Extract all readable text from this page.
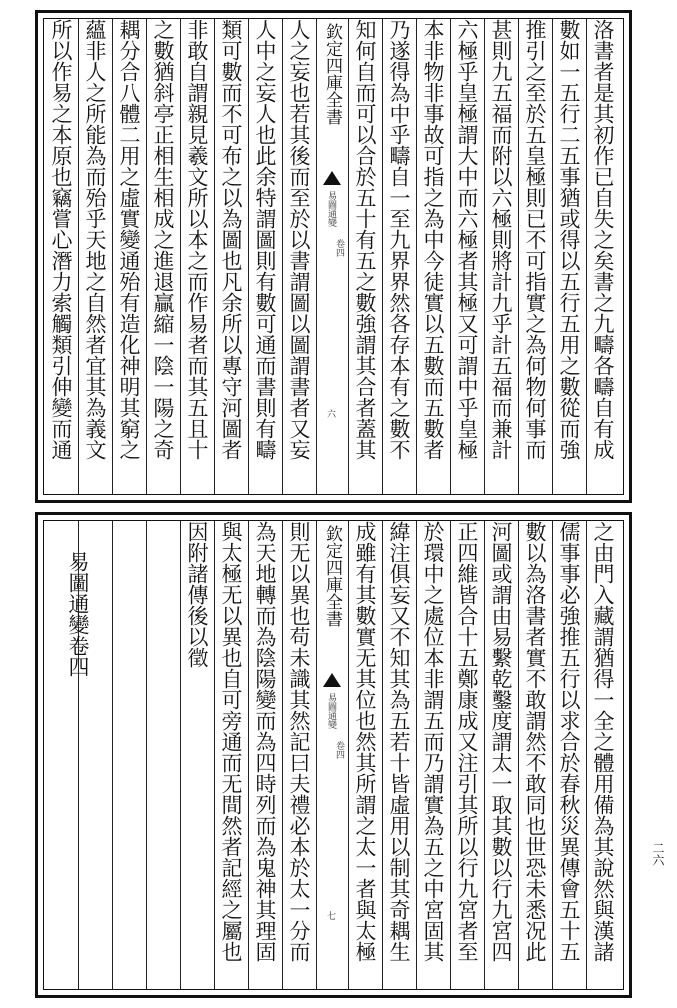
洛書者是其初作已自失之矣書之九疇各疇自有成
數如一五行二五事猶或得以五行五用之數從而強
推引之至於五皇極則已不可指實之為何物何事而
甚則九五福而附以六極則將計九乎計五福而兼計
六極乎皇極謂大中而六極者其極又可謂中乎皇極
本非物非事故可指之為中今徒實以五數而五數者
乃遂得為中乎疇自一至九界界然各存本有之數不
知何自而可以合於五十有五之數強謂其合者蓋其
欽定四庫全書
易圖通變
卷四
六
人之妄也若其後而至於以書謂圖以圖謂書者又妄
人中之妄人也此余特謂圖則有數可通而書則有疇
類可數而不可布之以為圖也凡余所以專守河圖者
非敢自謂親見羲文所以本之而作易者而其五且十
之數猶斜亭正相生相成之進退贏縮一陰一陽之奇
耦分合八體二用之虛實變通殆有造化神明其窮之
蘊非人之所能為而殆乎天地之自然者宜其為義文
所以作易之本原也竊嘗心潛力索觸類引伸變而通
之由門入藏謂猶得一全之體用備為其說然與漢諸
儒事事必強推五行以求合於春秋災異傳會五十五
數以為洛書者實不敢謂然不敢同也世恐未悉况此
河圖或謂由易繫乾鑿度謂太一取其數以行九宮四
正四維皆合十五鄭康成又注引其所以行九宮者至
於環中之處位本非謂五而乃謂實為五之中宮固其
緯注俱妄又不知其為五若十皆虛用以制其奇耦生
成雖有其數實无其位也然其所謂之太一者與太極
欽定四庫全書
易圖通變
卷四
七
則无以異也苟未識其然記曰夫禮必本於太一分而
為天地轉而為陰陽變而為四時列而為鬼神其理固
與太極无以異也自可旁通而无間然者記經之屬也
因附諸傳後以徵
易圖通變卷四
二六
